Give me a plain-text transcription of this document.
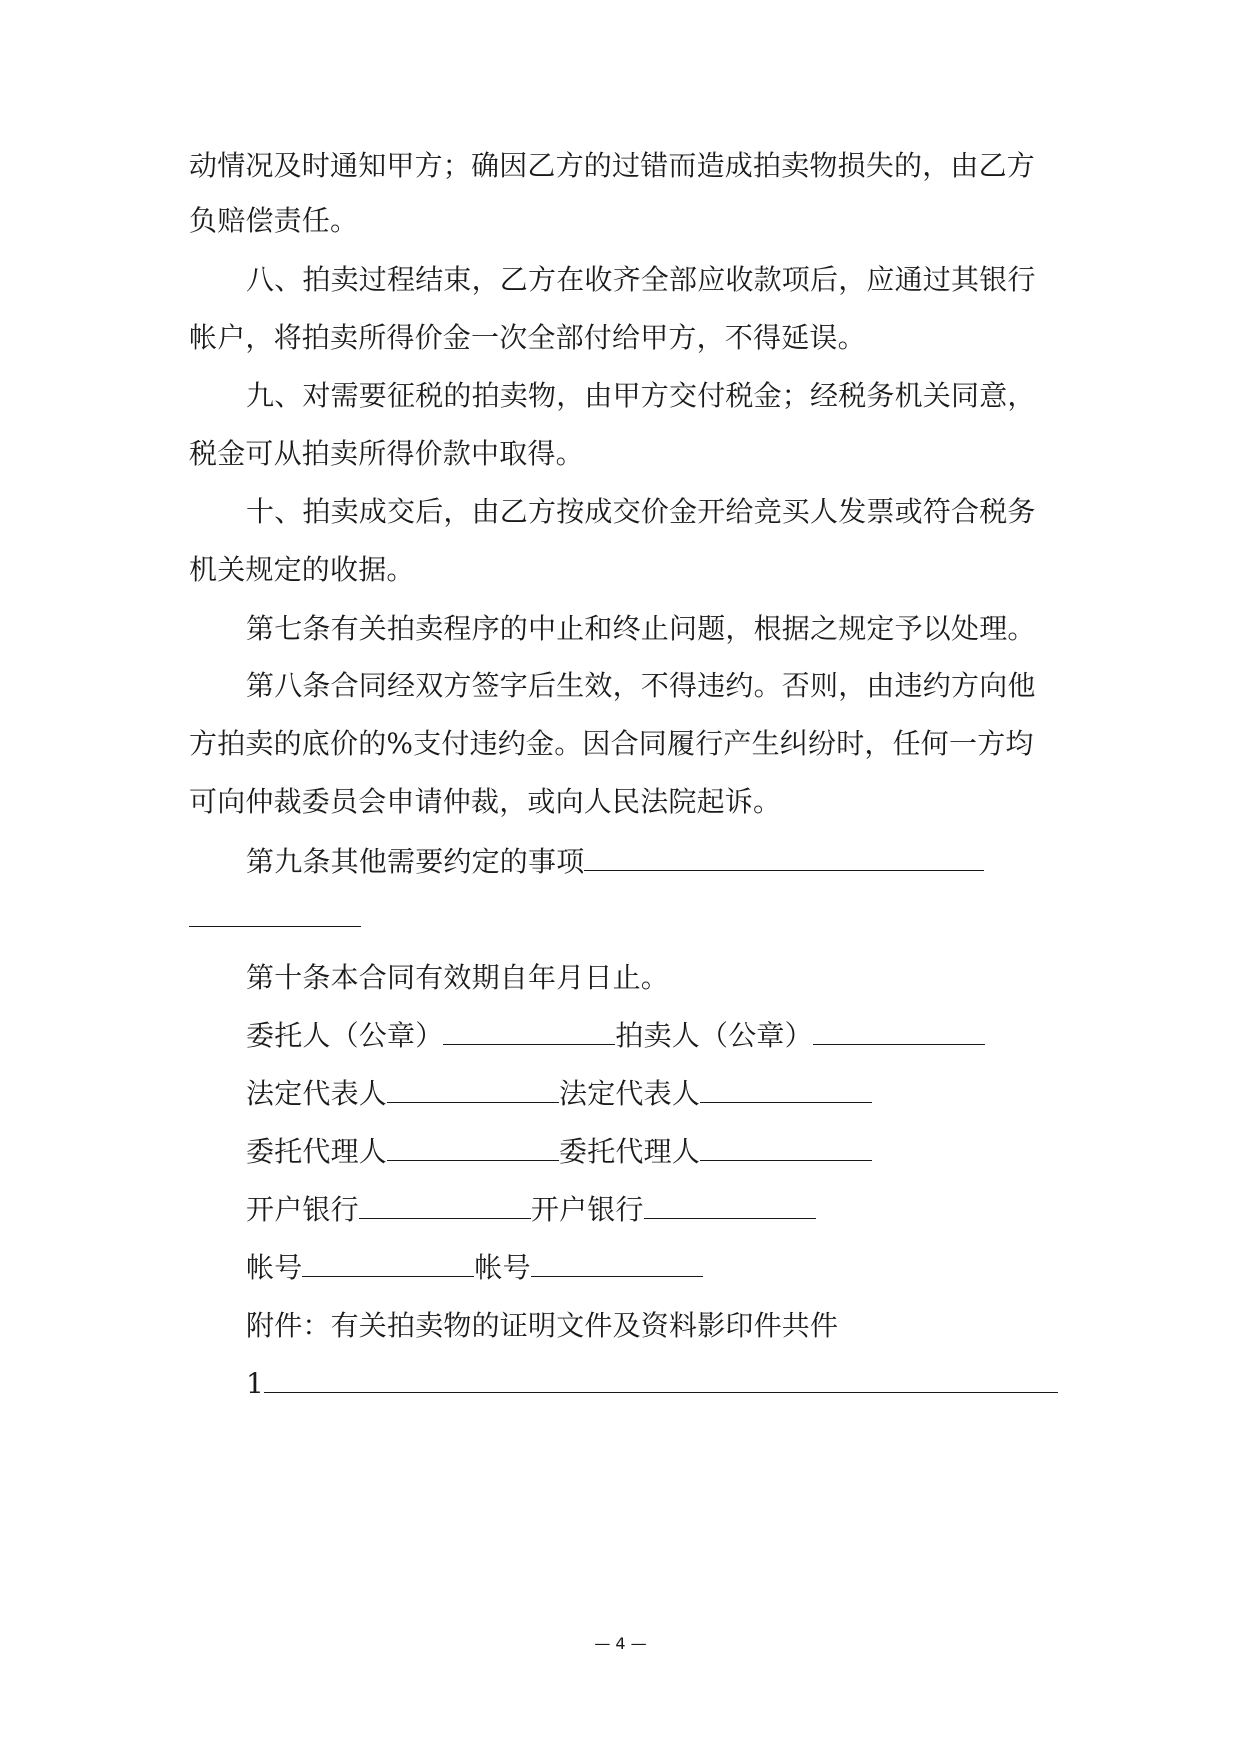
动情况及时通知甲方；确因乙方的过错而造成拍卖物损失的，由乙方
负赔偿责任。
八、拍卖过程结束，乙方在收齐全部应收款项后，应通过其银行
帐户，将拍卖所得价金一次全部付给甲方，不得延误。
九、对需要征税的拍卖物，由甲方交付税金；经税务机关同意，
税金可从拍卖所得价款中取得。
十、拍卖成交后，由乙方按成交价金开给竞买人发票或符合税务
机关规定的收据。
第七条有关拍卖程序的中止和终止问题，根据之规定予以处理。
第八条合同经双方签字后生效，不得违约。否则，由违约方向他
方拍卖的底价的%支付违约金。因合同履行产生纠纷时，任何一方均
可向仲裁委员会申请仲裁，或向人民法院起诉。
第九条其他需要约定的事项
第十条本合同有效期自年月日止。
委托人（公章）	拍卖人（公章）
法定代表人	法定代表人
委托代理人	委托代理人
开户银行	开户银行
帐号	帐号
附件：有关拍卖物的证明文件及资料影印件共件
1
— 4 —
